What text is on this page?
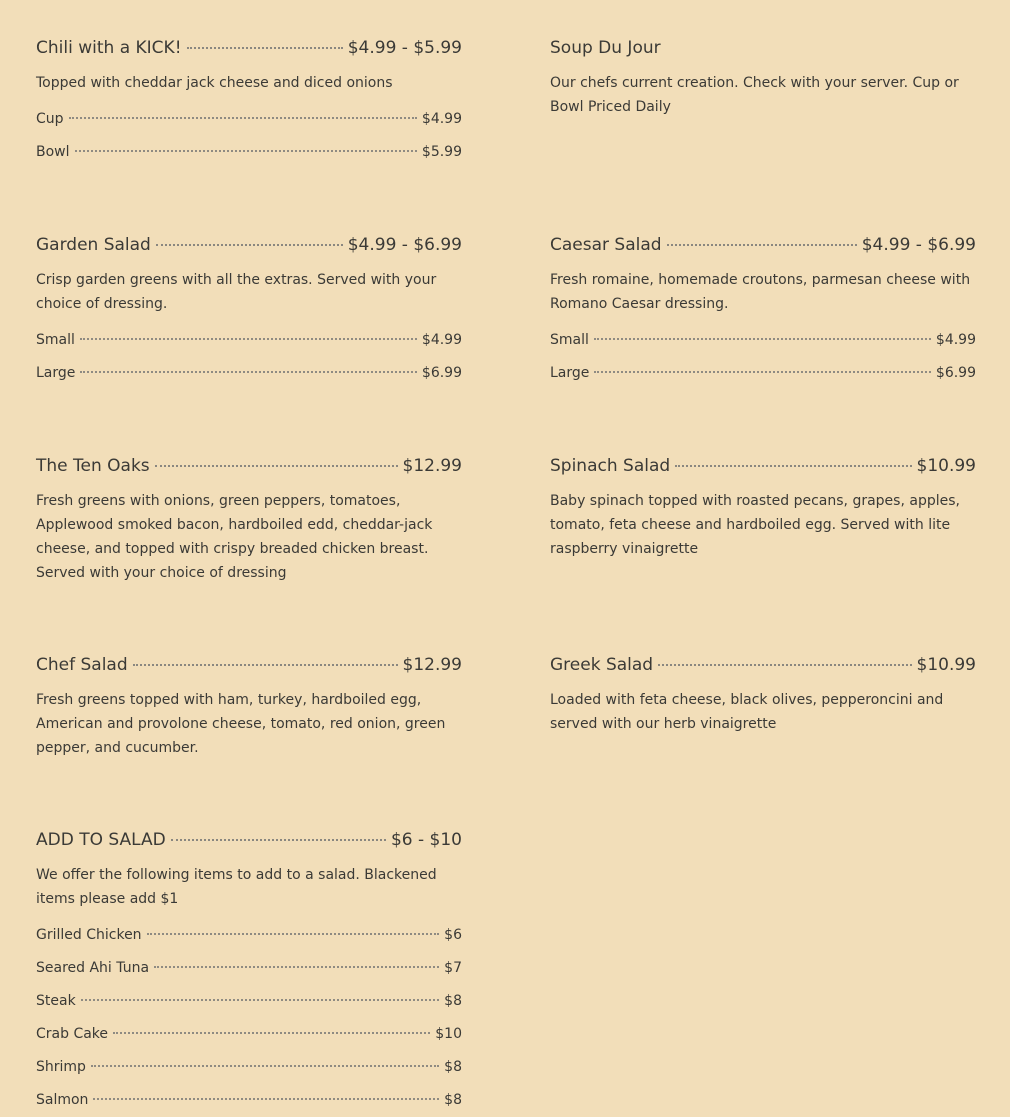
Chili with a KICK!	$4.99 - $5.99
Topped with cheddar jack cheese and diced onions
Cup	$4.99
Bowl	$5.99
Garden Salad	$4.99 - $6.99
Crisp garden greens with all the extras. Served with your choice of dressing.
Small	$4.99
Large	$6.99
The Ten Oaks	$12.99
Fresh greens with onions, green peppers, tomatoes, Applewood smoked bacon, hardboiled edd, cheddar-jack cheese, and topped with crispy breaded chicken breast. Served with your choice of dressing
Chef Salad	$12.99
Fresh greens topped with ham, turkey, hardboiled egg, American and provolone cheese, tomato, red onion, green pepper, and cucumber.
ADD TO SALAD	$6 - $10
We offer the following items to add to a salad. Blackened items please add $1
Grilled Chicken	$6
Seared Ahi Tuna	$7
Steak	$8
Crab Cake	$10
Shrimp	$8
Salmon	$8
Soup Du Jour
Our chefs current creation. Check with your server. Cup or Bowl Priced Daily
Caesar Salad	$4.99 - $6.99
Fresh romaine, homemade croutons, parmesan cheese with Romano Caesar dressing.
Small	$4.99
Large	$6.99
Spinach Salad	$10.99
Baby spinach topped with roasted pecans, grapes, apples, tomato, feta cheese and hardboiled egg. Served with lite raspberry vinaigrette
Greek Salad	$10.99
Loaded with feta cheese, black olives, pepperoncini and served with our herb vinaigrette
